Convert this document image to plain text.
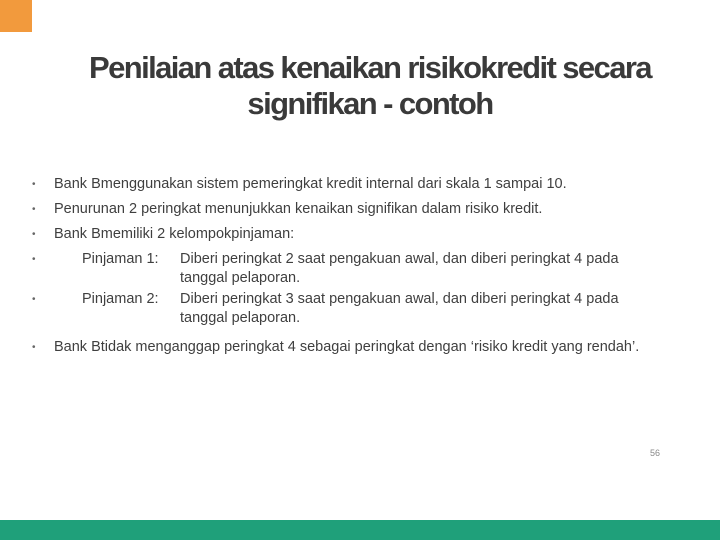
Penilaian atas kenaikan risikokredit secara
signifikan - contoh
• Bank Bmenggunakan sistem pemeringkat kredit internal dari skala 1 sampai 10.
• Penurunan 2 peringkat menunjukkan kenaikan signifikan dalam risiko kredit.
• Bank Bmemiliki 2 kelompokpinjaman:
•	Pinjaman 1: Diberi peringkat 2 saat pengakuan awal, dan diberi peringkat 4 pada tanggal pelaporan.
•	Pinjaman 2: Diberi peringkat 3 saat pengakuan awal, dan diberi peringkat 4 pada tanggal pelaporan.
• Bank Btidak menganggap peringkat 4 sebagai peringkat dengan ‘risiko kredit yang rendah’.
56
